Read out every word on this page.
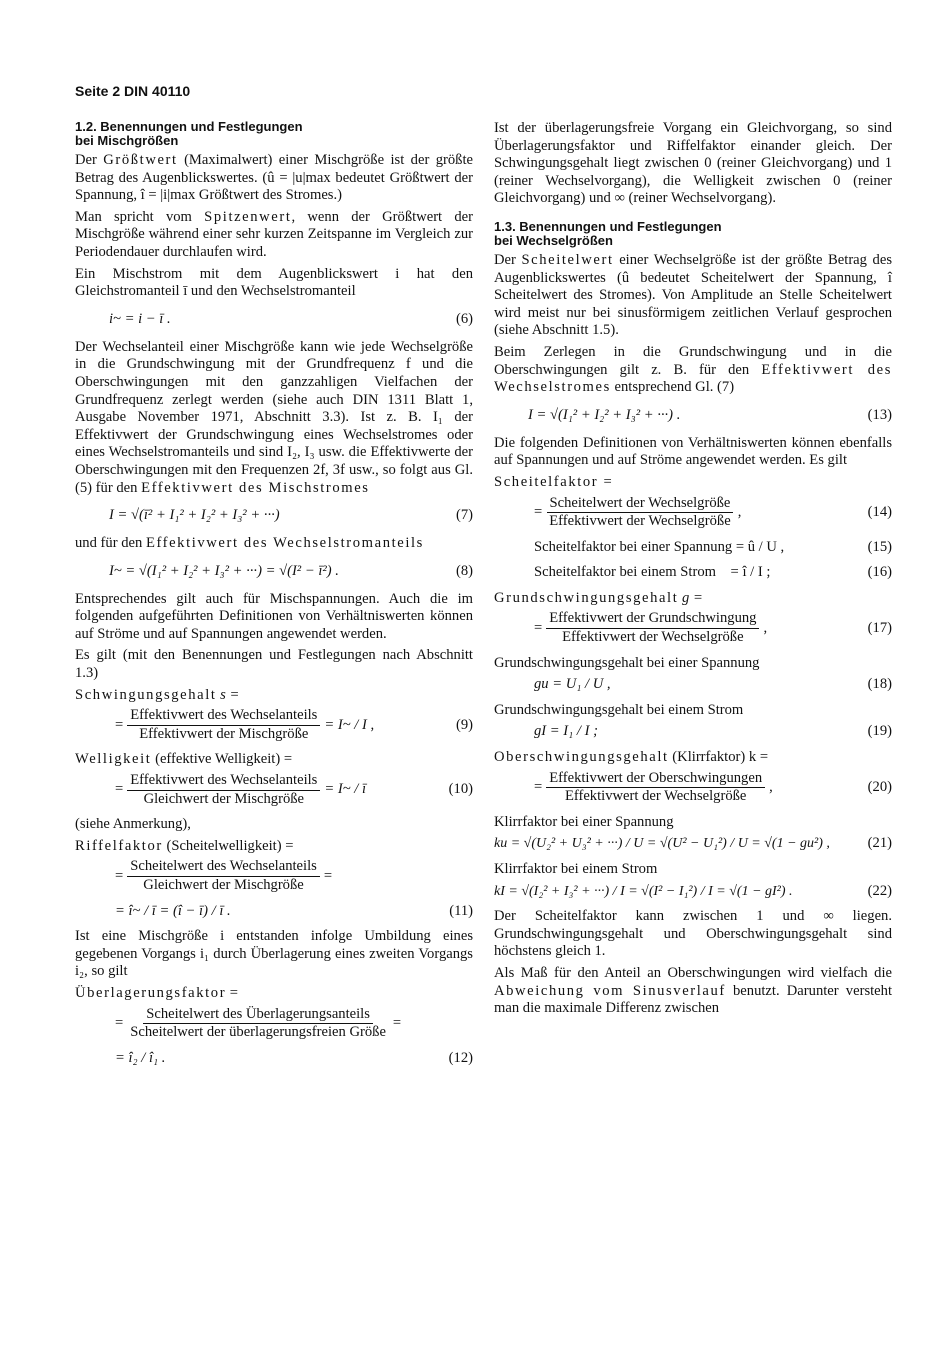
Seite 2 DIN 40110
1.2. Benennungen und Festlegungen
bei Mischgrößen

Der Größtwert (Maximalwert) einer Mischgröße ist der größte Betrag des Augenblickswertes. (û = |u|max bedeutet Größtwert der Spannung, î = |i|max Größtwert des Stromes.)

Man spricht vom Spitzenwert, wenn der Größtwert der Mischgröße während einer sehr kurzen Zeitspanne im Vergleich zur Periodendauer durchlaufen wird.

Ein Mischstrom mit dem Augenblickswert i hat den Gleichstromanteil ī und den Wechselstromanteil

i~ = i − ī .	(6)

Der Wechselanteil einer Mischgröße kann wie jede Wechselgröße in die Grundschwingung mit der Grundfrequenz f und die Oberschwingungen mit den ganzzahligen Vielfachen der Grundfrequenz zerlegt werden (siehe auch DIN 1311 Blatt 1, Ausgabe November 1971, Abschnitt 3.3). Ist z. B. I₁ der Effektivwert der Grundschwingung eines Wechselstromes oder eines Wechselstromanteils und sind I₂, I₃ usw. die Effektivwerte der Oberschwingungen mit den Frequenzen 2f, 3f usw., so folgt aus Gl. (5) für den Effektivwert des Mischstromes

I = √(ī² + I₁² + I₂² + I₃² + ···)	(7)

und für den Effektivwert des Wechselstromanteils

I~ = √(I₁² + I₂² + I₃² + ···) = √(I² − ī²) .	(8)

Entsprechendes gilt auch für Mischspannungen. Auch die im folgenden aufgeführten Definitionen von Verhältniswerten können auf Ströme und auf Spannungen angewendet werden.

Es gilt (mit den Benennungen und Festlegungen nach Abschnitt 1.3)

Schwingungsgehalt s =
=
Effektivwert des Wechselanteils
Effektivwert der Mischgröße
= I~ / I ,	(9)
Welligkeit (effektive Welligkeit) =
=
Effektivwert des Wechselanteils
Gleichwert der Mischgröße
= I~ / ī	(10)

(siehe Anmerkung),

Riffelfaktor (Scheitelwelligkeit) =
=
Scheitelwert des Wechselanteils
Gleichwert der Mischgröße
=
= î~ / ī = (î − ī) / ī .	(11)

Ist eine Mischgröße i entstanden infolge Umbildung eines gegebenen Vorgangs i₁ durch Überlagerung eines zweiten Vorgangs i₂, so gilt

Überlagerungsfaktor =
=
Scheitelwert des Überlagerungsanteils
Scheitelwert der überlagerungsfreien Größe
=
= î₂ / î₁ .	(12)

Ist der überlagerungsfreie Vorgang ein Gleichvorgang, so sind Überlagerungsfaktor und Riffelfaktor einander gleich. Der Schwingungsgehalt liegt zwischen 0 (reiner Gleichvorgang) und 1 (reiner Wechselvorgang), die Welligkeit zwischen 0 (reiner Gleichvorgang) und ∞ (reiner Wechselvorgang).

1.3. Benennungen und Festlegungen
bei Wechselgrößen

Der Scheitelwert einer Wechselgröße ist der größte Betrag des Augenblickswertes (û bedeutet Scheitelwert der Spannung, î Scheitelwert des Stromes). Von Amplitude an Stelle Scheitelwert wird meist nur bei sinusförmigem zeitlichen Verlauf gesprochen (siehe Abschnitt 1.5).

Beim Zerlegen in die Grundschwingung und in die Oberschwingungen gilt z. B. für den Effektivwert des Wechselstromes entsprechend Gl. (7)

I = √(I₁² + I₂² + I₃² + ···) .	(13)

Die folgenden Definitionen von Verhältniswerten können ebenfalls auf Spannungen und auf Ströme angewendet werden. Es gilt

Scheitelfaktor =
=
Scheitelwert der Wechselgröße
Effektivwert der Wechselgröße
,	(14)
Scheitelfaktor bei einer Spannung = û / U ,	(15)
Scheitelfaktor bei einem Strom    = î / I ;	(16)
Grundschwingungsgehalt g =
=
Effektivwert der Grundschwingung
Effektivwert der Wechselgröße
,	(17)

Grundschwingungsgehalt bei einer Spannung

gu = U₁ / U ,	(18)

Grundschwingungsgehalt bei einem Strom

gI = I₁ / I ;	(19)
Oberschwingungsgehalt (Klirrfaktor) k =
=
Effektivwert der Oberschwingungen
Effektivwert der Wechselgröße
,	(20)

Klirrfaktor bei einer Spannung

ku = √(U₂² + U₃² + ···) / U = √(U² − U₁²) / U = √(1 − gu²) ,	(21)

Klirrfaktor bei einem Strom

kI = √(I₂² + I₃² + ···) / I = √(I² − I₁²) / I = √(1 − gI²) .	(22)

Der Scheitelfaktor kann zwischen 1 und ∞ liegen. Grundschwingungsgehalt und Oberschwingungsgehalt sind höchstens gleich 1.

Als Maß für den Anteil an Oberschwingungen wird vielfach die Abweichung vom Sinusverlauf benutzt. Darunter versteht man die maximale Differenz zwischen
